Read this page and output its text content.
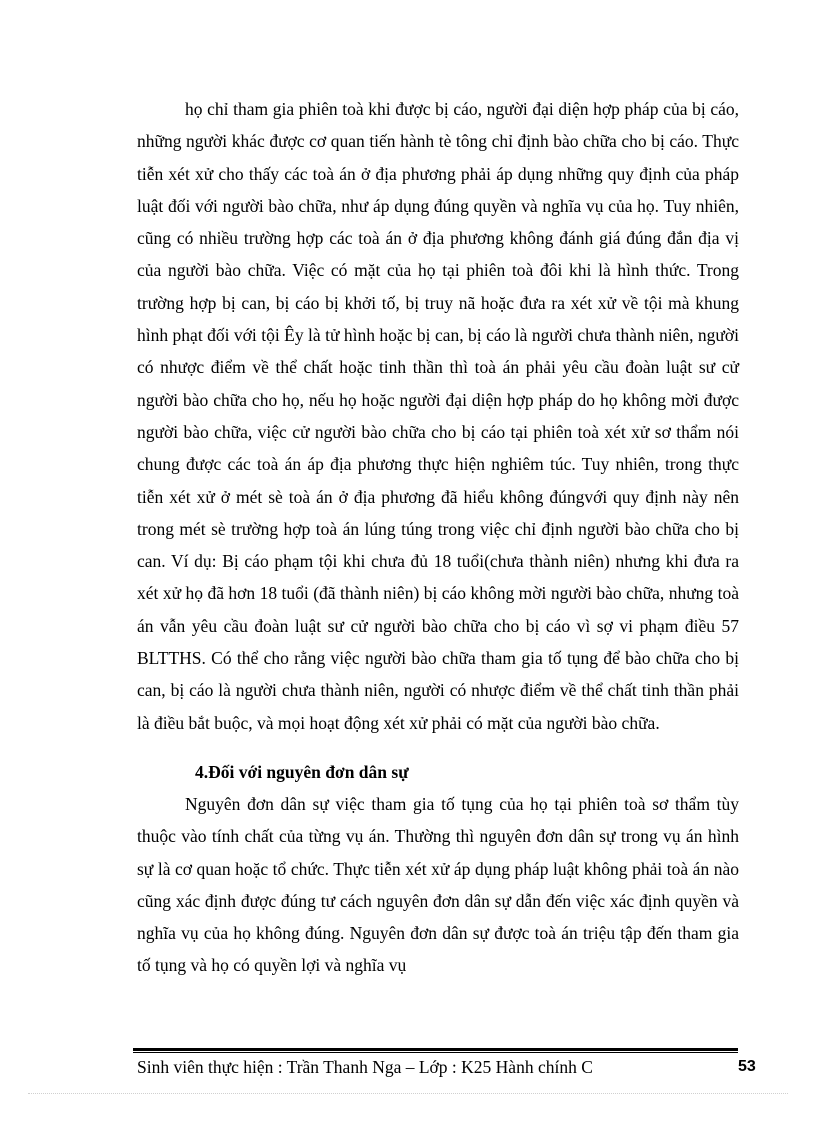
họ chỉ tham gia phiên toà khi được bị cáo, người đại diện hợp pháp của bị cáo, những người khác được cơ quan tiến hành tè tông chỉ định bào chữa cho bị cáo. Thực tiễn xét xử cho thấy các toà án ở địa phương phải áp dụng những quy định của pháp luật đối với người bào chữa, như áp dụng đúng quyền và nghĩa vụ của họ. Tuy nhiên, cũng có nhiều trường hợp các toà án ở địa phương không đánh giá đúng đắn địa vị của người bào chữa. Việc có mặt của họ tại phiên toà đôi khi là hình thức. Trong trường hợp bị can, bị cáo bị khởi tố, bị truy nã hoặc đưa ra xét xử về tội mà khung hình phạt đối với tội Êy là tử hình hoặc bị can, bị cáo là người chưa thành niên, người có nhược điểm về thể chất hoặc tinh thần thì toà án phải yêu cầu đoàn luật sư cử người bào chữa cho họ, nếu họ hoặc người đại diện hợp pháp do họ không mời được người bào chữa, việc cử người bào chữa cho bị cáo tại phiên toà xét xử sơ thẩm nói chung được các toà án áp địa phương thực hiện nghiêm túc. Tuy nhiên, trong thực tiễn xét xử ở mét sè toà án ở địa phương đã hiểu không đúngvới quy định này nên trong mét sè trường hợp toà án lúng túng trong việc chỉ định người bào chữa cho bị can. Ví dụ: Bị cáo phạm tội khi chưa đủ 18 tuổi(chưa thành niên) nhưng khi đưa ra xét xử họ đã hơn 18 tuổi (đã thành niên) bị cáo không mời người bào chữa, nhưng toà án vẫn yêu cầu đoàn luật sư cử người bào chữa cho bị cáo vì sợ vi phạm điều 57 BLTTHS. Có thể cho rằng việc người bào chữa tham gia tố tụng để bào chữa cho bị can, bị cáo là người chưa thành niên, người có nhược điểm về thể chất tinh thần phải là điều bắt buộc, và mọi hoạt động xét xử phải có mặt của người bào chữa.

4.Đối với nguyên đơn dân sự

Nguyên đơn dân sự việc tham gia tố tụng của họ tại phiên toà sơ thẩm tùy thuộc vào tính chất của từng vụ án. Thường thì nguyên đơn dân sự trong vụ án hình sự là cơ quan hoặc tổ chức. Thực tiễn xét xử áp dụng pháp luật không phải toà án nào cũng xác định được đúng tư cách nguyên đơn dân sự dẫn đến việc xác định quyền và nghĩa vụ của họ không đúng. Nguyên đơn dân sự được toà án triệu tập đến tham gia tố tụng và họ có quyền lợi và nghĩa vụ

Sinh viên thực hiện : Trần Thanh Nga – Lớp : K25 Hành chính C	53
